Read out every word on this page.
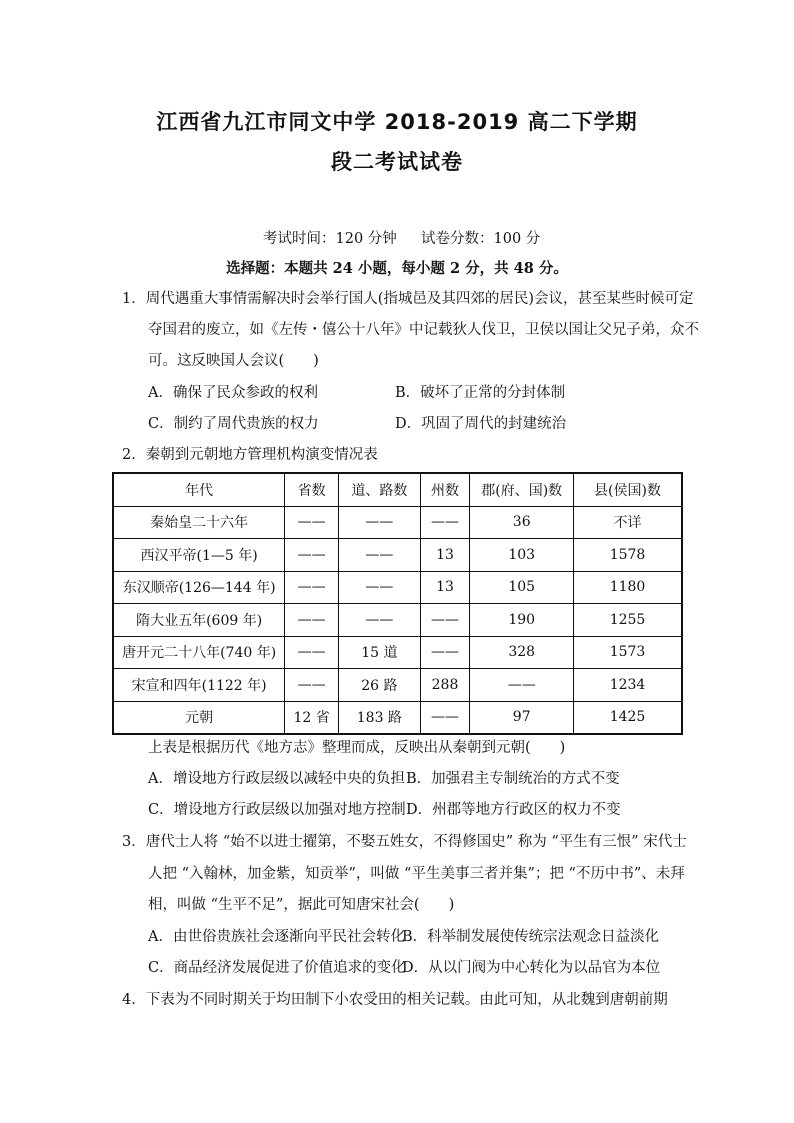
江西省九江市同文中学 2018-2019 高二下学期
段二考试试卷
考试时间：120 分钟 试卷分数：100 分
选择题：本题共 24 小题，每小题 2 分，共 48 分。
1．周代遇重大事情需解决时会举行国人(指城邑及其四郊的居民)会议，甚至某些时候可定
夺国君的废立，如《左传・僖公十八年》中记载狄人伐卫，卫侯以国让父兄子弟，众不
可。这反映国人会议(　　)
A．确保了民众参政的权利	B．破坏了正常的分封体制
C．制约了周代贵族的权力	D．巩固了周代的封建统治
2．秦朝到元朝地方管理机构演变情况表
年代	省数	道、路数	州数	郡(府、国)数	县(侯国)数
秦始皇二十六年	——	——	——	36	不详
西汉平帝(1—5 年)	——	——	13	103	1578
东汉顺帝(126—144 年)	——	——	13	105	1180
隋大业五年(609 年)	——	——	——	190	1255
唐开元二十八年(740 年)	——	15 道	——	328	1573
宋宣和四年(1122 年)	——	26 路	288	——	1234
元朝	12 省	183 路	——	97	1425
上表是根据历代《地方志》整理而成，反映出从秦朝到元朝(　　)
A．增设地方行政层级以减轻中央的负担 B．加强君主专制统治的方式不变
C．增设地方行政层级以加强对地方控制 D．州郡等地方行政区的权力不变
3．唐代士人将 “始不以进士擢第，不娶五姓女，不得修国史” 称为 “平生有三恨” 宋代士
人把 “入翰林，加金紫，知贡举”，叫做 “平生美事三者并集”；把 “不历中书”、未拜
相，叫做 “生平不足”，据此可知唐宋社会(　　)
A．由世俗贵族社会逐渐向平民社会转化
B．科举制发展使传统宗法观念日益淡化
C．商品经济发展促进了价值追求的变化
D．从以门阀为中心转化为以品官为本位
4．下表为不同时期关于均田制下小农受田的相关记载。由此可知，从北魏到唐朝前期
